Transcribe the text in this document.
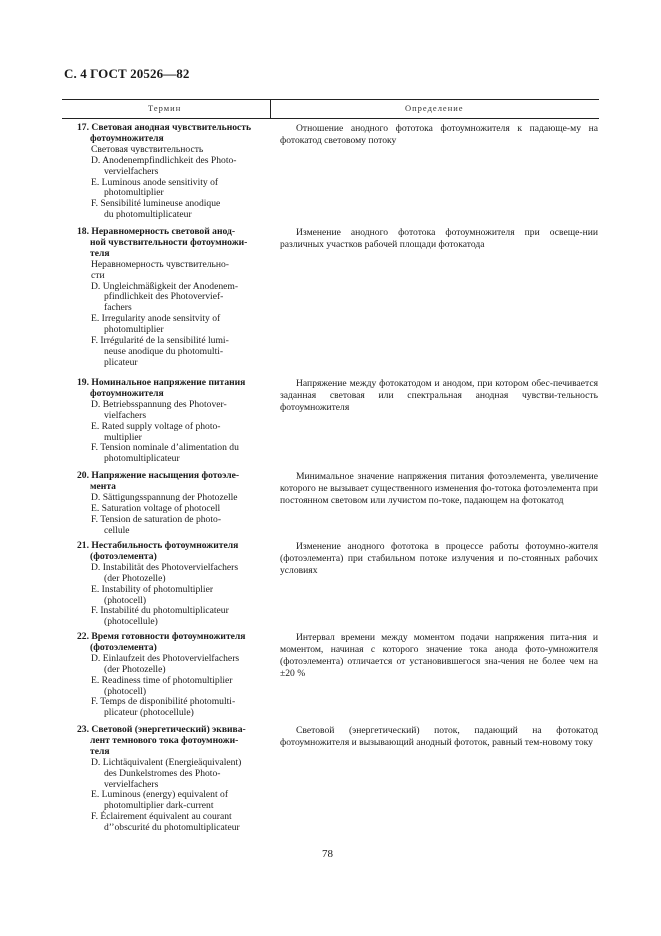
С. 4 ГОСТ 20526—82
Термин	Определение
17. Световая анодная чувствительность
фотоумножителя
Световая чувствительность
D. Anodenempfindlichkeit des Photo-
vervielfachers
E. Luminous anode sensitivity of
photomultiplier
F. Sensibilité lumineuse anodique
du photomultiplicateur

Отношение анодного фототока фотоумножителя к падающе-му на фотокатод световому потоку

18. Неравномерность световой анод-
ной чувствительности фотоумножи-
теля
Неравномерность чувствительно-
сти
D. Ungleichmäßigkeit der Anodenem-
pfindlichkeit des Photovervief-
fachers
E. Irregularity anode sensitvity of
photomultiplier
F. Irrégularité de la sensibilité lumi-
neuse anodique du photomulti-
plicateur

Изменение анодного фототока фотоумножителя при освеще-нии различных участков рабочей площади фотокатода

19. Номинальное напряжение питания
фотоумножителя
D. Betriebsspannung des Photover-
vielfachers
E. Rated supply voltage of photo-
multiplier
F. Tension nominale d’alimentation du
photomultiplicateur

Напряжение между фотокатодом и анодом, при котором обес-печивается заданная световая или спектральная анодная чувстви-тельность фотоумножителя

20. Напряжение насыщения фотоэле-
мента
D. Sättigungsspannung der Photozelle
E. Saturation voltage of photocell
F. Tension de saturation de photo-
cellule

Минимальное значение напряжения питания фотоэлемента, увеличение которого не вызывает существенного изменения фо-тотока фотоэлемента при постоянном световом или лучистом по-токе, падающем на фотокатод

21. Нестабильность фотоумножителя
(фотоэлемента)
D. Instabilität des Photovervielfachers
(der Photozelle)
E. Instability of photomultiplier
(photocell)
F. Instabilité du photomultiplicateur
(photocellule)

Изменение анодного фототока в процессе работы фотоумно-жителя (фотоэлемента) при стабильном потоке излучения и по-стоянных рабочих условиях

22. Время готовности фотоумножителя
(фотоэлемента)
D. Einlaufzeit des Photovervielfachers
(der Photozelle)
E. Readiness time of photomultiplier
(photocell)
F. Temps de disponibilité photomulti-
plicateur (photocellule)

Интервал времени между моментом подачи напряжения пита-ния и моментом, начиная с которого значение тока анода фото-умножителя (фотоэлемента) отличается от установившегося зна-чения не более чем на ±20 %

23. Световой (энергетический) эквива-
лент темнового тока фотоумножи-
теля
D. Lichtäquivalent (Energieäquivalent)
des Dunkelstromes des Photo-
vervielfachers
E. Luminous (energy) equivalent of
photomultiplier dark-current
F. Éclairement équivalent au courant
d’’obscurité du photomultiplicateur

Световой (энергетический) поток, падающий на фотокатод фотоумножителя и вызывающий анодный фототок, равный тем-новому току

78
